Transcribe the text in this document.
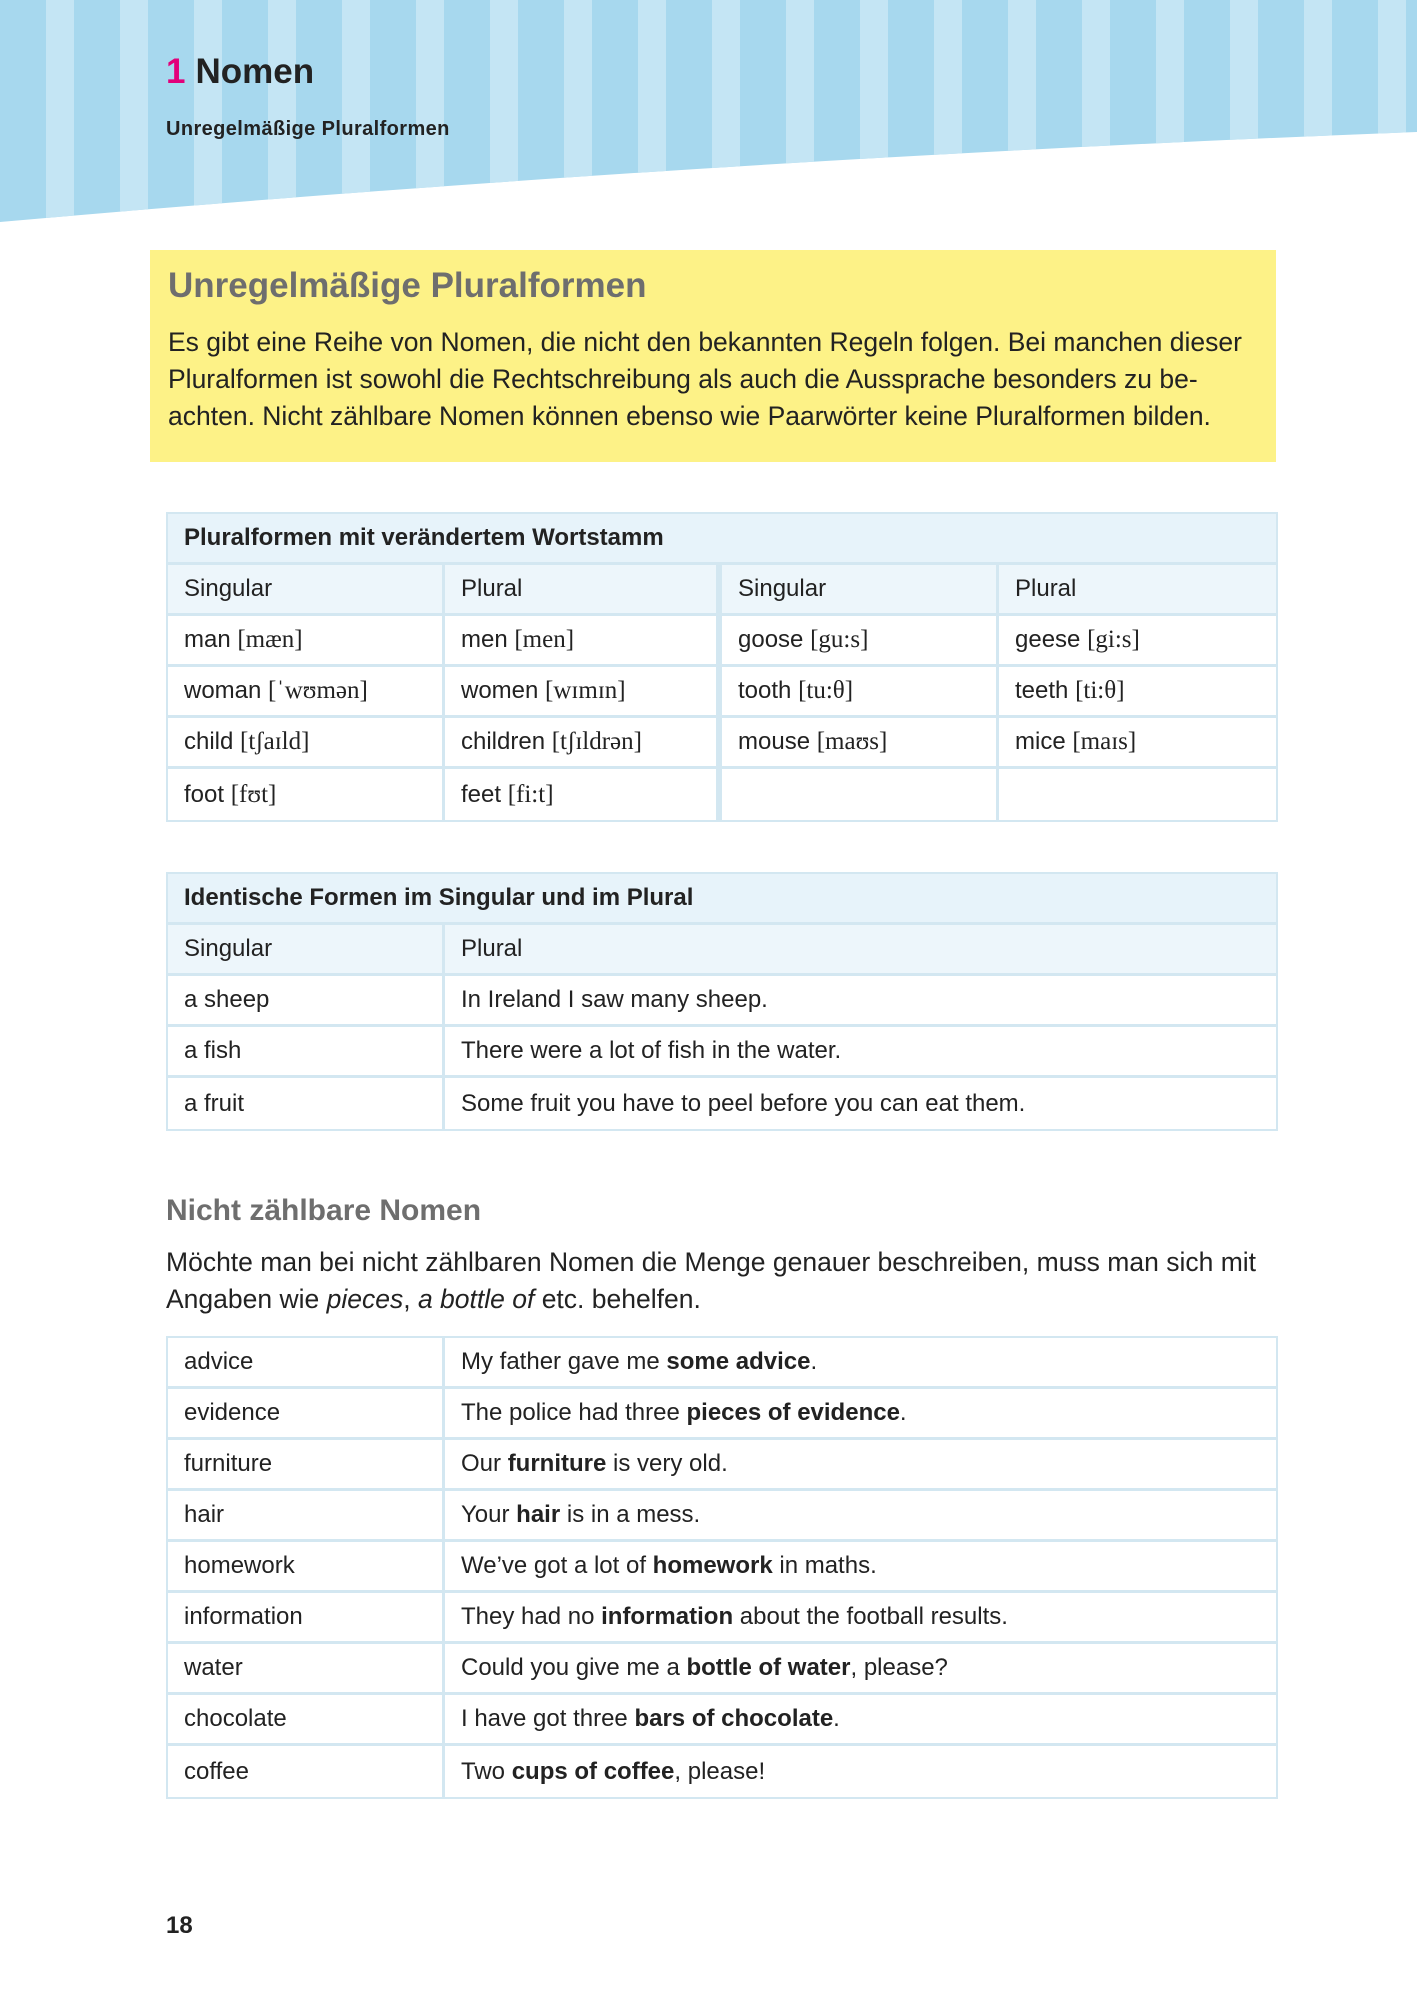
1 Nomen
Unregelmäßige Pluralformen
Unregelmäßige Pluralformen

Es gibt eine Reihe von Nomen, die nicht den bekannten Regeln folgen. Bei manchen dieser Pluralformen ist sowohl die Rechtschreibung als auch die Aussprache besonders zu be-achten. Nicht zählbare Nomen können ebenso wie Paarwörter keine Pluralformen bilden.

Pluralformen mit verändertem Wortstamm			
Singular	Plural	Singular	Plural
man [mæn]	men [men]	goose [gu:s]	geese [gi:s]
woman [ˈwʊmən]	women [wɪmɪn]	tooth [tu:θ]	teeth [ti:θ]
child [tʃaɪld]	children [tʃɪldrən]	mouse [maʊs]	mice [maɪs]
foot [fʊt]	feet [fi:t]		
Identische Formen im Singular und im Plural	
Singular	Plural
a sheep	In Ireland I saw many sheep.
a fish	There were a lot of fish in the water.
a fruit	Some fruit you have to peel before you can eat them.
Nicht zählbare Nomen

Möchte man bei nicht zählbaren Nomen die Menge genauer beschreiben, muss man sich mit Angaben wie pieces, a bottle of etc. behelfen.

advice	My father gave me some advice.
evidence	The police had three pieces of evidence.
furniture	Our furniture is very old.
hair	Your hair is in a mess.
homework	We’ve got a lot of homework in maths.
information	They had no information about the football results.
water	Could you give me a bottle of water, please?
chocolate	I have got three bars of chocolate.
coffee	Two cups of coffee, please!
18
